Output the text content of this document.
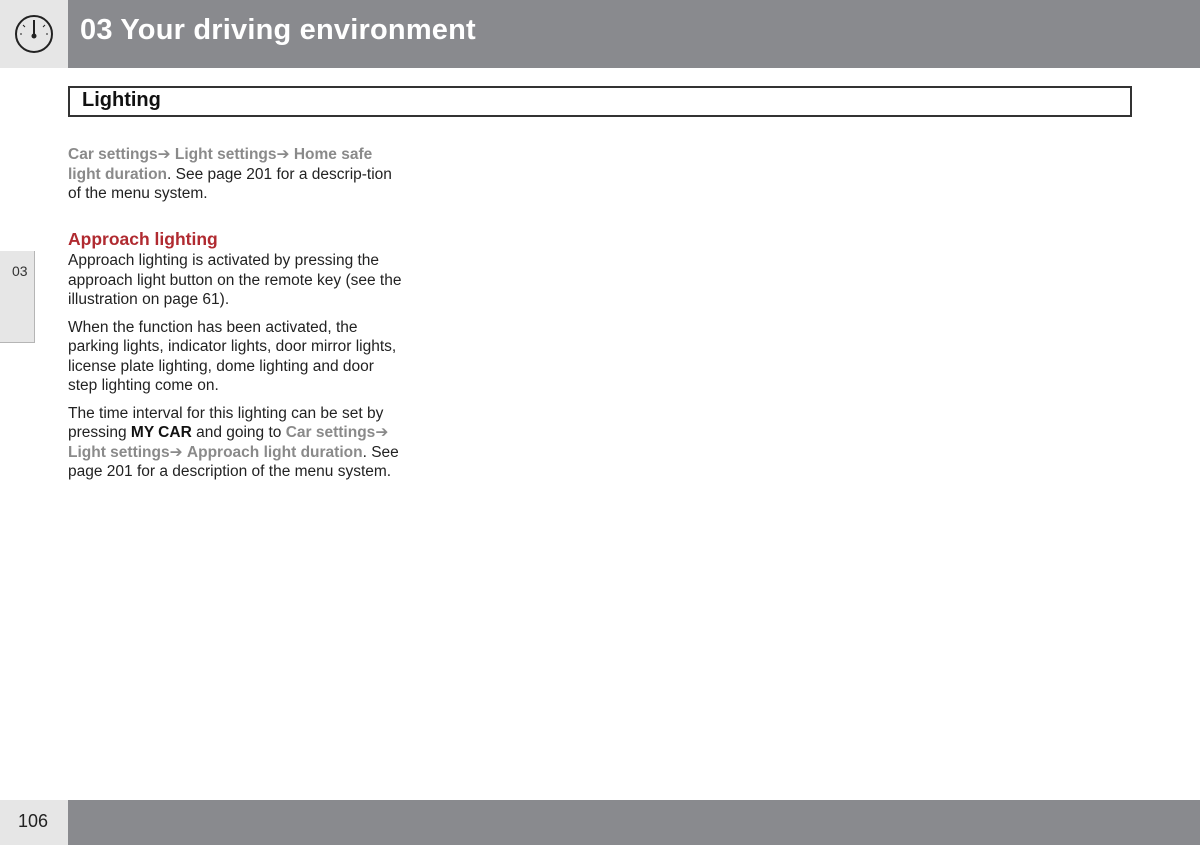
03 Your driving environment
Lighting
03

Car settings➔ Light settings➔ Home safe light duration. See page 201 for a descrip-tion of the menu system.

Approach lighting

Approach lighting is activated by pressing the approach light button on the remote key (see the illustration on page 61).

When the function has been activated, the parking lights, indicator lights, door mirror lights, license plate lighting, dome lighting and door step lighting come on.

The time interval for this lighting can be set by pressing MY CAR and going to Car settings➔ Light settings➔ Approach light duration. See page 201 for a description of the menu system.

106
